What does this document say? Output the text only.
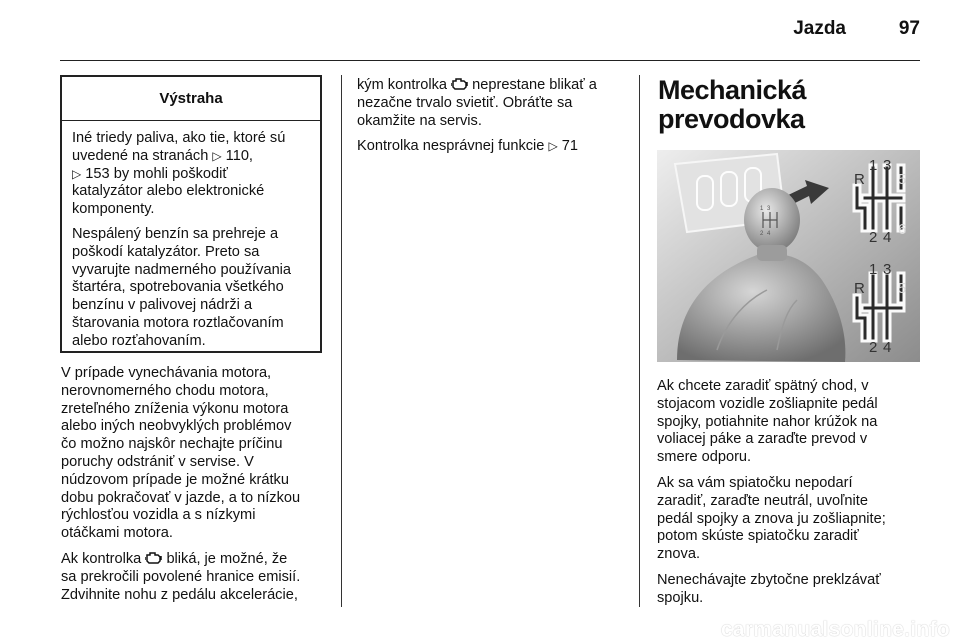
Jazda	97
Výstraha

Iné triedy paliva, ako tie, ktoré sú
uvedené na stranách ▷ 110,
▷ 153 by mohli poškodiť
katalyzátor alebo elektronické
komponenty.

Nespálený benzín sa prehreje a
poškodí katalyzátor. Preto sa
vyvarujte nadmerného používania
štartéra, spotrebovania všetkého
benzínu v palivovej nádrži a
štarovania motora roztlačovaním
alebo rozťahovaním.

V prípade vynechávania motora,
nerovnomerného chodu motora,
zreteľného zníženia výkonu motora
alebo iných neobvyklých problémov
čo možno najskôr nechajte príčinu
poruchy odstrániť v servise. V
núdzovom prípade je možné krátku
dobu pokračovať v jazde, a to nízkou
rýchlosťou vozidla a s nízkymi
otáčkami motora.

Ak kontrolka  bliká, je možné, že
sa prekročili povolené hranice emisií.
Zdvihnite nohu z pedálu akcelerácie,

kým kontrolka  neprestane blikať a
nezačne trvalo svietiť. Obráťte sa
okamžite na servis.

Kontrolka nesprávnej funkcie ▷ 71

Mechanická
prevodovka
1 3
2 4
R
1 3
5
2 4 6
R
1 3
5
2 4

Ak chcete zaradiť spätný chod, v
stojacom vozidle zošliapnite pedál
spojky, potiahnite nahor krúžok na
voliacej páke a zaraďte prevod v
smere odporu.

Ak sa vám spiatočku nepodarí
zaradiť, zaraďte neutrál, uvoľnite
pedál spojky a znova ju zošliapnite;
potom skúste spiatočku zaradiť
znova.

Nenechávajte zbytočne preklzávať
spojku.

carmanualsonline.info
